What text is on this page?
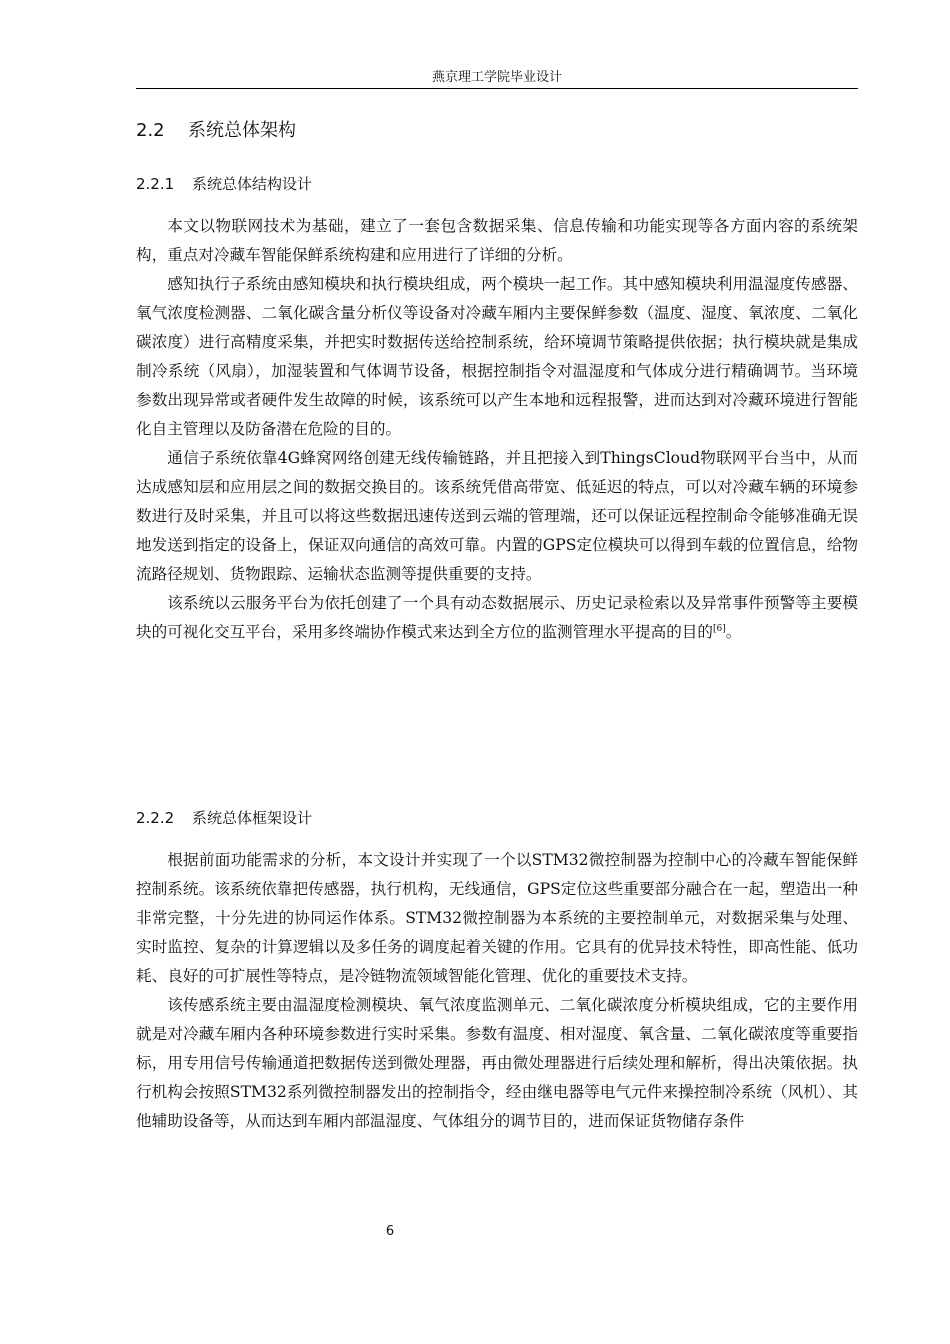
燕京理工学院毕业设计
2.2 系统总体架构
2.2.1 系统总体结构设计

本文以物联网技术为基础，建立了一套包含数据采集、信息传输和功能实现等各方面内容的系统架构，重点对冷藏车智能保鲜系统构建和应用进行了详细的分析。

感知执行子系统由感知模块和执行模块组成，两个模块一起工作。其中感知模块利用温湿度传感器、氧气浓度检测器、二氧化碳含量分析仪等设备对冷藏车厢内主要保鲜参数（温度、湿度、氧浓度、二氧化碳浓度）进行高精度采集，并把实时数据传送给控制系统，给环境调节策略提供依据；执行模块就是集成制冷系统（风扇），加湿装置和气体调节设备，根据控制指令对温湿度和气体成分进行精确调节。当环境参数出现异常或者硬件发生故障的时候，该系统可以产生本地和远程报警，进而达到对冷藏环境进行智能化自主管理以及防备潜在危险的目的。

通信子系统依靠4G蜂窝网络创建无线传输链路，并且把接入到ThingsCloud物联网平台当中，从而达成感知层和应用层之间的数据交换目的。该系统凭借高带宽、低延迟的特点，可以对冷藏车辆的环境参数进行及时采集，并且可以将这些数据迅速传送到云端的管理端，还可以保证远程控制命令能够准确无误地发送到指定的设备上，保证双向通信的高效可靠。内置的GPS定位模块可以得到车载的位置信息，给物流路径规划、货物跟踪、运输状态监测等提供重要的支持。

该系统以云服务平台为依托创建了一个具有动态数据展示、历史记录检索以及异常事件预警等主要模块的可视化交互平台，采用多终端协作模式来达到全方位的监测管理水平提高的目的[6]。

2.2.2 系统总体框架设计

根据前面功能需求的分析，本文设计并实现了一个以STM32微控制器为控制中心的冷藏车智能保鲜控制系统。该系统依靠把传感器，执行机构，无线通信，GPS定位这些重要部分融合在一起，塑造出一种非常完整，十分先进的协同运作体系。STM32微控制器为本系统的主要控制单元，对数据采集与处理、实时监控、复杂的计算逻辑以及多任务的调度起着关键的作用。它具有的优异技术特性，即高性能、低功耗、良好的可扩展性等特点，是冷链物流领域智能化管理、优化的重要技术支持。

该传感系统主要由温湿度检测模块、氧气浓度监测单元、二氧化碳浓度分析模块组成，它的主要作用就是对冷藏车厢内各种环境参数进行实时采集。参数有温度、相对湿度、氧含量、二氧化碳浓度等重要指标，用专用信号传输通道把数据传送到微处理器，再由微处理器进行后续处理和解析，得出决策依据。执行机构会按照STM32系列微控制器发出的控制指令，经由继电器等电气元件来操控制冷系统（风机）、其他辅助设备等，从而达到车厢内部温湿度、气体组分的调节目的，进而保证货物储存条件

6
